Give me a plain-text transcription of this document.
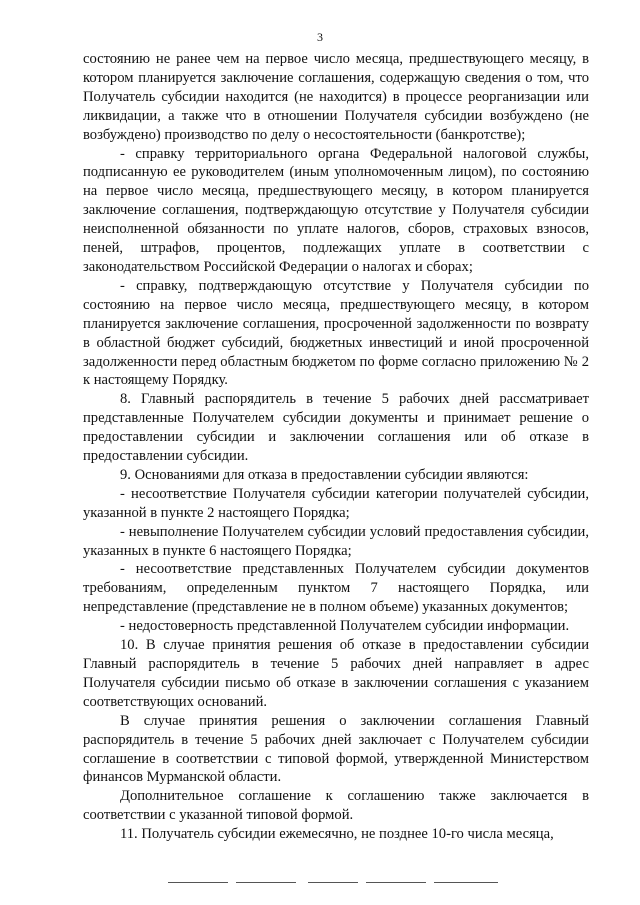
3

состоянию не ранее чем на первое число месяца, предшествующего месяцу, в котором планируется заключение соглашения, содержащую сведения о том, что Получатель субсидии находится (не находится) в процессе реорганизации или ликвидации, а также что в отношении Получателя субсидии возбуждено (не возбуждено) производство по делу о несостоятельности (банкротстве);

- справку территориального органа Федеральной налоговой службы, подписанную ее руководителем (иным уполномоченным лицом), по состоянию на первое число месяца, предшествующего месяцу, в котором планируется заключение соглашения, подтверждающую отсутствие у Получателя субсидии неисполненной обязанности по уплате налогов, сборов, страховых взносов, пеней, штрафов, процентов, подлежащих уплате в соответствии с законодательством Российской Федерации о налогах и сборах;

- справку, подтверждающую отсутствие у Получателя субсидии по состоянию на первое число месяца, предшествующего месяцу, в котором планируется заключение соглашения, просроченной задолженности по возврату в областной бюджет субсидий, бюджетных инвестиций и иной просроченной задолженности перед областным бюджетом по форме согласно приложению № 2 к настоящему Порядку.

8. Главный распорядитель в течение 5 рабочих дней рассматривает представленные Получателем субсидии документы и принимает решение о предоставлении субсидии и заключении соглашения или об отказе в предоставлении субсидии.

9. Основаниями для отказа в предоставлении субсидии являются:

- несоответствие Получателя субсидии категории получателей субсидии, указанной в пункте 2 настоящего Порядка;

- невыполнение Получателем субсидии условий предоставления субсидии, указанных в пункте 6 настоящего Порядка;

- несоответствие представленных Получателем субсидии документов требованиям, определенным пунктом 7 настоящего Порядка, или непредставление (представление не в полном объеме) указанных документов;

- недостоверность представленной Получателем субсидии информации.

10. В случае принятия решения об отказе в предоставлении субсидии Главный распорядитель в течение 5 рабочих дней направляет в адрес Получателя субсидии письмо об отказе в заключении соглашения с указанием соответствующих оснований.

В случае принятия решения о заключении соглашения Главный распорядитель в течение 5 рабочих дней заключает с Получателем субсидии соглашение в соответствии с типовой формой, утвержденной Министерством финансов Мурманской области.

Дополнительное соглашение к соглашению также заключается в соответствии с указанной типовой формой.

11. Получатель субсидии ежемесячно, не позднее 10-го числа месяца,
